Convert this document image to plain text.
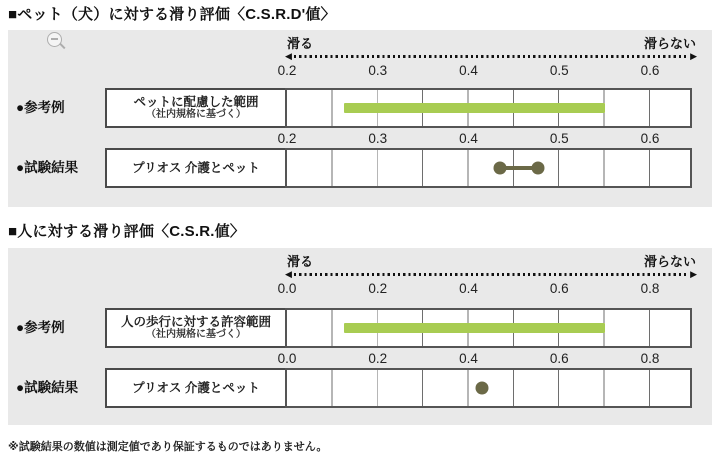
■ペット（犬）に対する滑り評価〈C.S.R.D'値〉
滑る	滑らない
◀	▶
0.2	0.3	0.4	0.5	0.6
●参考例	ペットに配慮した範囲
（社内規格に基づく）
0.2	0.3	0.4	0.5	0.6
●試験結果	プリオス 介護とペット
■人に対する滑り評価〈C.S.R.値〉
滑る	滑らない
◀	▶
0.0	0.2	0.4	0.6	0.8
●参考例	人の歩行に対する許容範囲
（社内規格に基づく）
0.0	0.2	0.4	0.6	0.8
●試験結果	プリオス 介護とペット
※試験結果の数値は測定値であり保証するものではありません。
